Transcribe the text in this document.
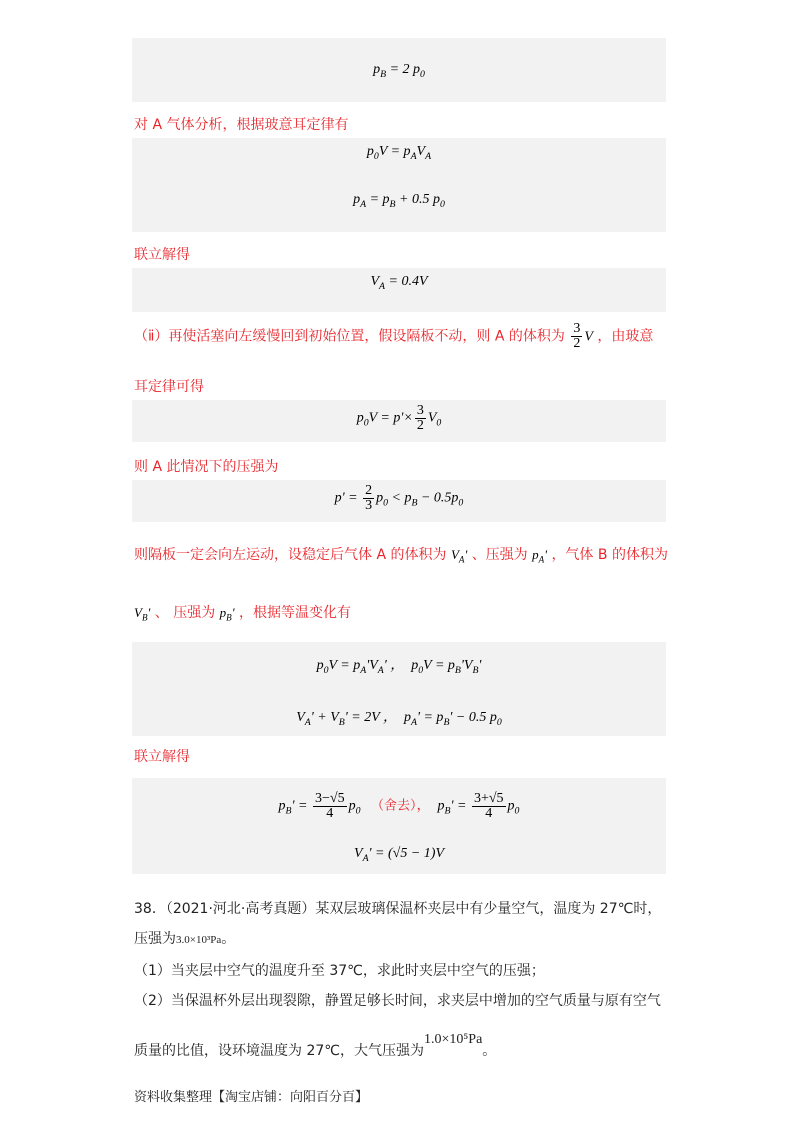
$p_B = 2$ $p_0$
对 A 气体分析，根据玻意耳定律有
$p_0V = p_AV_A$
$p_A = p_B + 0.5$ $p_0$
联立解得
$V_A = 0.4V$
（ⅱ）再使活塞向左缓慢回到初始位置，假设隔板不动，则 A 的体积为 $\frac{3}{2}$ V ，由玻意
耳定律可得
$p_0V = p'\times \frac{3}{2} V_0$
则 A 此情况下的压强为
$p' = \frac{2}{3} p_0 < p_B - 0.5p_0$
则隔板一定会向左运动，设稳定后气体 A 的体积为 $V_A'$ 、压强为 $p_A'$ ，气体 B 的体积为
$V_B'$ 、 压强为 $p_B'$ ，根据等温变化有
$p_0V = p_A'V_A'$ ，  $p_0V = p_B'V_B'$
$V_A' + V_B' = 2V$ ，  $p_A' = p_B' - 0.5$ $p_0$
联立解得
$p_B' = \frac{3-√5}{4} p_0$ （舍去），  $p_B' = \frac{3+√5}{4} p_0$
$V_A' = (√5 - 1)V$
38．（2021·河北·高考真题）某双层玻璃保温杯夹层中有少量空气，温度为 27℃时，
压强为3.0×10³Pa。
（1）当夹层中空气的温度升至 37℃，求此时夹层中空气的压强；
（2）当保温杯外层出现裂隙，静置足够长时间，求夹层中增加的空气质量与原有空气
质量的比值，设环境温度为 27℃，大气压强为1.0×10⁵Pa。
资料收集整理【淘宝店铺：向阳百分百】
